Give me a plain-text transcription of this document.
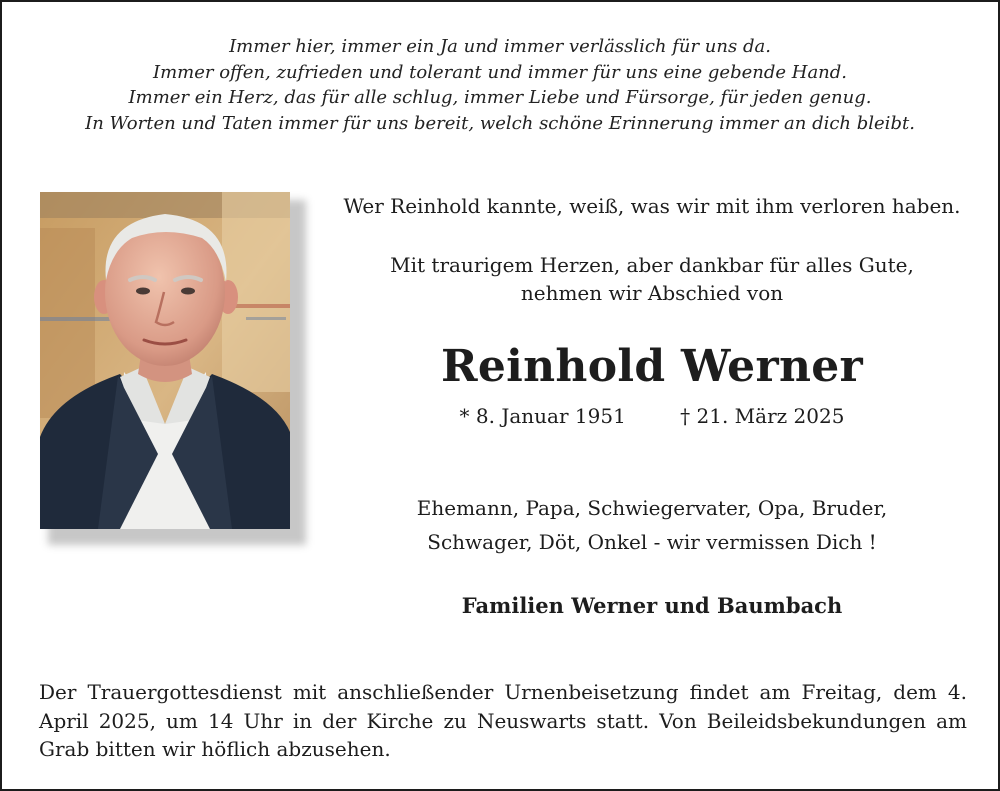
Immer hier, immer ein Ja und immer verlässlich für uns da.
Immer offen, zufrieden und tolerant und immer für uns eine gebende Hand.
Immer ein Herz, das für alle schlug, immer Liebe und Fürsorge, für jeden genug.
In Worten und Taten immer für uns bereit, welch schöne Erinnerung immer an dich bleibt.
Wer Reinhold kannte, weiß, was wir mit ihm verloren haben.
Mit traurigem Herzen, aber dankbar für alles Gute,
nehmen wir Abschied von
Reinhold Werner
* 8. Januar 1951	† 21. März 2025
Ehemann, Papa, Schwiegervater, Opa, Bruder,
Schwager, Döt, Onkel - wir vermissen Dich !
Familien Werner und Baumbach
Der Trauergottesdienst mit anschließender Urnenbeisetzung findet am Freitag, dem 4. April 2025, um 14 Uhr in der Kirche zu Neuswarts statt. Von Beileidsbekundungen am Grab bitten wir höflich abzusehen.
